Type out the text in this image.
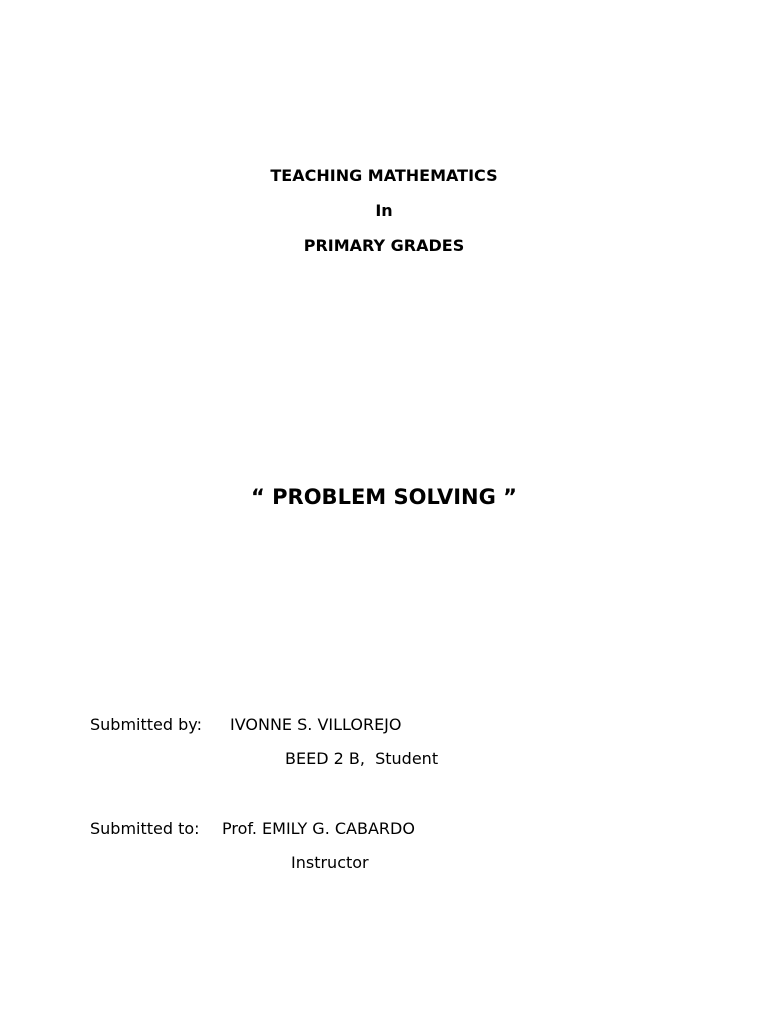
TEACHING MATHEMATICS
In
PRIMARY GRADES
“ PROBLEM SOLVING ”
Submitted by: IVONNE S. VILLOREJO
BEED 2 B,  Student
Submitted to: Prof. EMILY G. CABARDO
Instructor
